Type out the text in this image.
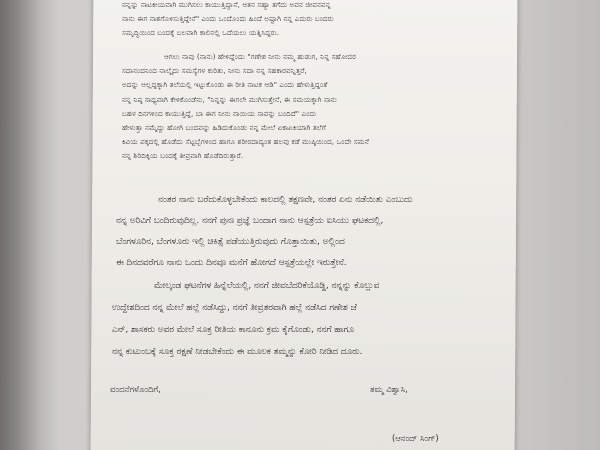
ನನ್ನನ್ನು ನಾಟಕೀಯವಾಗಿ ಮುಗಿಸಲು ಕಾಯುತ್ತಿದ್ದಾನೆ, ಆತನ ಸಹ್ಯಾ ತಗೆದು ಅವನ ಜೀವನವನ್ನ
ನಾನು ಈಗ ನಾಶಗೊಳಿಸುತ್ತಿದ್ದೇನೆ" ಎಂದು ಒಂದೊಂದು ಹಿಂದೆ ಅಷ್ಟಾಗಿ ನನ್ನ ಎದುರು ಬಂದರು
ಸಮೃದ್ಧಿಯಿಂದ ಬಂದಕ್ಕೆ ಬಲವಾಗಿ ಕಾಲಿನಲ್ಲಿ ಒದೆಯಲು ಯತ್ನಿಸಿದ್ದರು.
ಆಗಲು ನಾವು (ನಾನು) ಹೇಳಿದ್ದೆಂದು "ಗಣೇಶ ನೀನು ನಮ್ಮ ಹುಡುಗ, ನಿನ್ನ ಸಹೋದರ
ಸದಾನಂದನಿಂದ ನಾಲ್ಕೈದು ಸಮಸ್ಯೆಗಳ ಕುರಿತು, ನೀನು ಸದಾ ನನ್ನ ಸಹಕಾರವನ್ನಿತ್ತರೆ,
ಅದನ್ನು ಆಲ್ಲದ್ದಕ್ಕಾಗಿ ತಲೆಯಲ್ಲಿ ಇಟ್ಟುಕೊಂಡು ಈ ರೀತಿ ನಾಟಕ ಆಡಿ" ಎಂದು ಹೇಳುತ್ತಿದ್ದಂತೆ
ನನ್ನ ನಿಷ್ಠ ಸಾಧ್ಯವಾಗಿ ಕೇಳಿಕೊಂಡೆನು, "ನಿನ್ನನ್ನು ಈಗಲೇ ಮುಗಿಸುತ್ತೇನೆ, ಈ ಸಮಯಕ್ಕಾಗಿ ನಾನು
ಬಹಳ ದಿನಗಳಿಂದ ಕಾಯುತ್ತಿದ್ದೆ, ಬಾ ಈಗ ನೀನು ನಾಯಿಯ ಸಾವನ್ನು ಬಂದಿದೆ" ಎಂದು
ಹೇಳುತ್ತಾ ನಮ್ಮೆದ್ದು ಹೋಗಿ ಬಂದವನ್ನು ಹಿಡಿದುಕೊಂಡು ನನ್ನ ಮೇಲೆ ಏಕಾಏಕಿಯಾಗಿ ತಲೆಗೆ
ಕಿವಿಯ ಪಕ್ಕದಲ್ಲಿ ಹೊಡೆದು ಸೆಟ್ಟಬ್ಬೆಗಳಿಂದ ಹಾಗೂ ಶರೀರದಾದ್ಯಂತ ಹಲವು ಕಡೆ ಮುಷ್ಠಿಯಿಂದ, ಒಂದೇ ಸಮನೆ
ನನ್ನ ಶಿರಿದಿಕ್ಕಿಯ ಬಂದಕ್ಕೆ ತೀವ್ರವಾಗಿ ಹೊಡೆದಿರುತ್ತಾರೆ.
ನಂತರ ನಾನು ಬರೆದುಕೊಳ್ಳಬೇಕೆಂದು ಕಾಲದಲ್ಲಿ ತಕ್ಷಣವೇ, ನಂತರ ಏನು ನಡೆಯಿತು ಎಂಬುದು
ನನ್ನ ಅರಿವಿಗೆ ಬಂದಿರುವುದಿಲ್ಲ. ನನಗೆ ಪುನಃ ಪ್ರಜ್ಞೆ ಬಂದಾಗ ನಾನು ಆಸ್ಪತ್ರೆಯ ಐಸಿಯು ಘಟಕದಲ್ಲಿ,
ಬೆಂಗಳೂರಿನ, ಬೆಂಗಳೂರು ಇಲ್ಲಿ ಚಿಕಿತ್ಸೆ ಪಡೆಯುತ್ತಿರುವುದು ಗೊತ್ತಾಯಿತು, ಅಲ್ಲಿಂದ
ಈ ದಿನದವರೆಗೂ ನಾನು ಒಂದು ದಿನವೂ ಮನೆಗೆ ಹೋಗದೆ ಆಸ್ಪತ್ರೆಯಲ್ಲೇ ಇರುತ್ತೇನೆ.
ಮೇಲ್ಕಂಡ ಘಟನೆಗಳ ಹಿನ್ನೆಲೆಯಲ್ಲಿ, ನನಗೆ ಜೀವಬೆದರಿಕೆಯೊಡ್ಡಿ, ನನ್ನನ್ನು ಕೊಲ್ಲುವ
ಉದ್ದೇಶದಿಂದ ನನ್ನ ಮೇಲೆ ಹಲ್ಲೆ ನಡೆಸಿದ್ದು, ನನಗೆ ತೀವ್ರತರವಾಗಿ ಹಲ್ಲೆ ನಡೆಸಿದ ಗಣೇಶ ಜೆ
ಎನ್, ಶಾಸಕರು ಅವರ ಮೇಲೆ ಸೂಕ್ತ ರೀತಿಯ ಕಾನೂನು ಕ್ರಮ ಕೈಗೊಂಡು, ನನಗೆ ಹಾಗೂ
ನನ್ನ ಕುಟುಂಬಕ್ಕೆ ಸೂಕ್ತ ರಕ್ಷಣೆ ನೀಡಬೇಕೆಂದು ಈ ಮೂಲಕ ತಮ್ಮನ್ನು ಕೋರಿ ನೀಡಿದ ದೂರು.
ವಂದನೆಗಳೊಂದಿಗೆ,	ತಮ್ಮ ವಿಶ್ವಾಸಿ,
(ಆನಂದ್ ಸಿಂಗ್)
